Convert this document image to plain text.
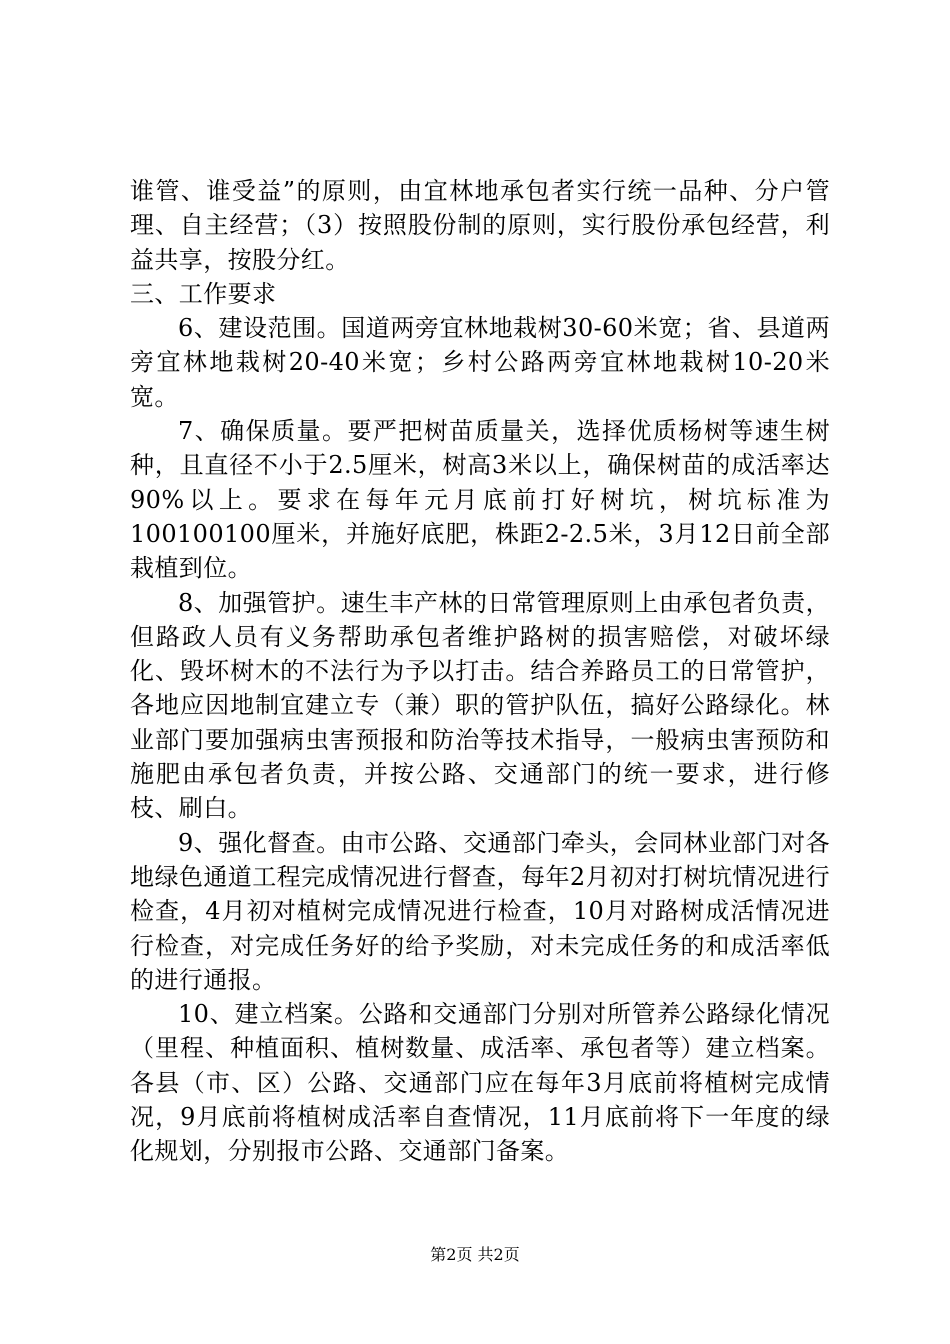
谁管、谁受益”的原则，由宜林地承包者实行统一品种、分户管理、自主经营；（3）按照股份制的原则，实行股份承包经营，利益共享，按股分红。

三、工作要求

6、建设范围。国道两旁宜林地栽树30-60米宽；省、县道两旁宜林地栽树20-40米宽；乡村公路两旁宜林地栽树10-20米宽。

7、确保质量。要严把树苗质量关，选择优质杨树等速生树种，且直径不小于2.5厘米，树高3米以上，确保树苗的成活率达90%以上。要求在每年元月底前打好树坑，树坑标准为100100100厘米，并施好底肥，株距2-2.5米，3月12日前全部栽植到位。

8、加强管护。速生丰产林的日常管理原则上由承包者负责，但路政人员有义务帮助承包者维护路树的损害赔偿，对破坏绿化、毁坏树木的不法行为予以打击。结合养路员工的日常管护，各地应因地制宜建立专（兼）职的管护队伍，搞好公路绿化。林业部门要加强病虫害预报和防治等技术指导，一般病虫害预防和施肥由承包者负责，并按公路、交通部门的统一要求，进行修枝、刷白。

9、强化督查。由市公路、交通部门牵头，会同林业部门对各地绿色通道工程完成情况进行督查，每年2月初对打树坑情况进行检查，4月初对植树完成情况进行检查，10月对路树成活情况进行检查，对完成任务好的给予奖励，对未完成任务的和成活率低的进行通报。

10、建立档案。公路和交通部门分别对所管养公路绿化情况（里程、种植面积、植树数量、成活率、承包者等）建立档案。各县（市、区）公路、交通部门应在每年3月底前将植树完成情况，9月底前将植树成活率自查情况，11月底前将下一年度的绿化规划，分别报市公路、交通部门备案。

第2页 共2页
